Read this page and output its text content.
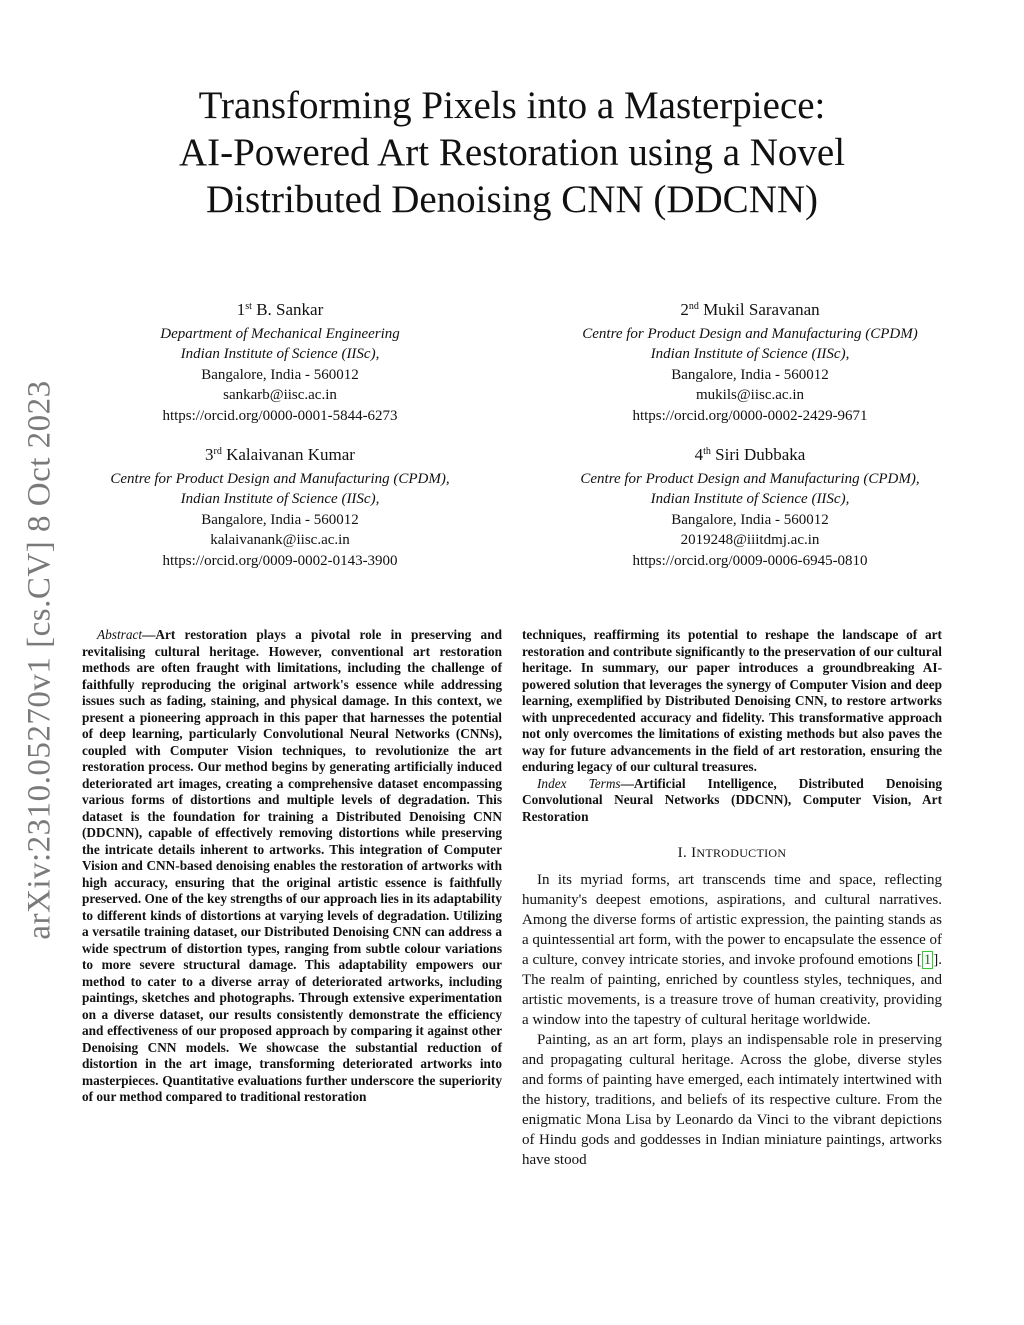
arXiv:2310.05270v1 [cs.CV] 8 Oct 2023
Transforming Pixels into a Masterpiece:
AI-Powered Art Restoration using a Novel
Distributed Denoising CNN (DDCNN)
1st B. Sankar
Department of Mechanical Engineering
Indian Institute of Science (IISc),
Bangalore, India - 560012
sankarb@iisc.ac.in
https://orcid.org/0000-0001-5844-6273
2nd Mukil Saravanan
Centre for Product Design and Manufacturing (CPDM)
Indian Institute of Science (IISc),
Bangalore, India - 560012
mukils@iisc.ac.in
https://orcid.org/0000-0002-2429-9671
3rd Kalaivanan Kumar
Centre for Product Design and Manufacturing (CPDM),
Indian Institute of Science (IISc),
Bangalore, India - 560012
kalaivanank@iisc.ac.in
https://orcid.org/0009-0002-0143-3900
4th Siri Dubbaka
Centre for Product Design and Manufacturing (CPDM),
Indian Institute of Science (IISc),
Bangalore, India - 560012
2019248@iiitdmj.ac.in
https://orcid.org/0009-0006-6945-0810

Abstract—Art restoration plays a pivotal role in preserving and revitalising cultural heritage. However, conventional art restoration methods are often fraught with limitations, including the challenge of faithfully reproducing the original artwork's essence while addressing issues such as fading, staining, and physical damage. In this context, we present a pioneering approach in this paper that harnesses the potential of deep learning, particularly Convolutional Neural Networks (CNNs), coupled with Computer Vision techniques, to revolutionize the art restoration process. Our method begins by generating artificially induced deteriorated art images, creating a comprehensive dataset encompassing various forms of distortions and multiple levels of degradation. This dataset is the foundation for training a Distributed Denoising CNN (DDCNN), capable of effectively removing distortions while preserving the intricate details inherent to artworks. This integration of Computer Vision and CNN-based denoising enables the restoration of artworks with high accuracy, ensuring that the original artistic essence is faithfully preserved. One of the key strengths of our approach lies in its adaptability to different kinds of distortions at varying levels of degradation. Utilizing a versatile training dataset, our Distributed Denoising CNN can address a wide spectrum of distortion types, ranging from subtle colour variations to more severe structural damage. This adaptability empowers our method to cater to a diverse array of deteriorated artworks, including paintings, sketches and photographs. Through extensive experimentation on a diverse dataset, our results consistently demonstrate the efficiency and effectiveness of our proposed approach by comparing it against other Denoising CNN models. We showcase the substantial reduction of distortion in the art image, transforming deteriorated artworks into masterpieces. Quantitative evaluations further underscore the superiority of our method compared to traditional restoration

techniques, reaffirming its potential to reshape the landscape of art restoration and contribute significantly to the preservation of our cultural heritage. In summary, our paper introduces a groundbreaking AI-powered solution that leverages the synergy of Computer Vision and deep learning, exemplified by Distributed Denoising CNN, to restore artworks with unprecedented accuracy and fidelity. This transformative approach not only overcomes the limitations of existing methods but also paves the way for future advancements in the field of art restoration, ensuring the enduring legacy of our cultural treasures.

Index Terms—Artificial Intelligence, Distributed Denoising Convolutional Neural Networks (DDCNN), Computer Vision, Art Restoration

I. INTRODUCTION

In its myriad forms, art transcends time and space, reflecting humanity's deepest emotions, aspirations, and cultural narratives. Among the diverse forms of artistic expression, the painting stands as a quintessential art form, with the power to encapsulate the essence of a culture, convey intricate stories, and invoke profound emotions [ 1 ]. The realm of painting, enriched by countless styles, techniques, and artistic movements, is a treasure trove of human creativity, providing a window into the tapestry of cultural heritage worldwide.

Painting, as an art form, plays an indispensable role in preserving and propagating cultural heritage. Across the globe, diverse styles and forms of painting have emerged, each intimately intertwined with the history, traditions, and beliefs of its respective culture. From the enigmatic Mona Lisa by Leonardo da Vinci to the vibrant depictions of Hindu gods and goddesses in Indian miniature paintings, artworks have stood
